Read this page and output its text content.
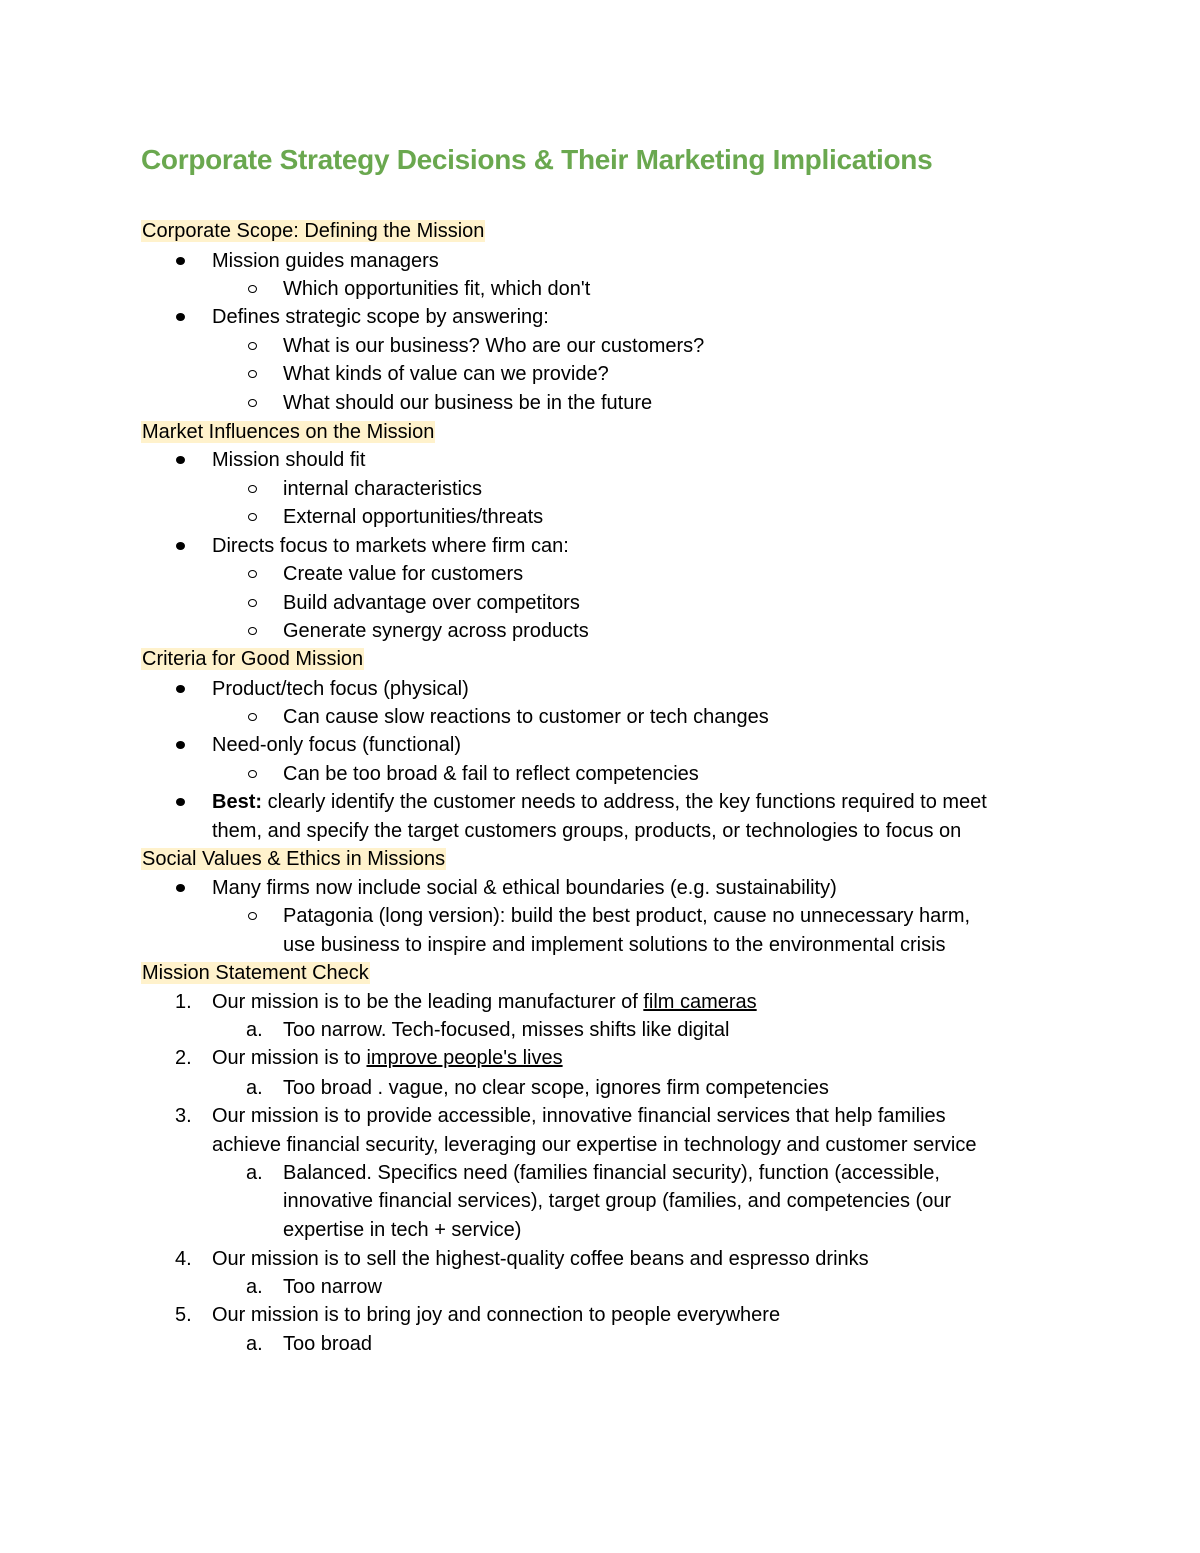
Corporate Strategy Decisions & Their Marketing Implications
Corporate Scope: Defining the Mission
Mission guides managers
Which opportunities fit, which don't
Defines strategic scope by answering:
What is our business? Who are our customers?
What kinds of value can we provide?
What should our business be in the future
Market Influences on the Mission
Mission should fit
internal characteristics
External opportunities/threats
Directs focus to markets where firm can:
Create value for customers
Build advantage over competitors
Generate synergy across products
Criteria for Good Mission
Product/tech focus (physical)
Can cause slow reactions to customer or tech changes
Need-only focus (functional)
Can be too broad & fail to reflect competencies
Best: clearly identify the customer needs to address, the key functions required to meet
them, and specify the target customers groups, products, or technologies to focus on
Social Values & Ethics in Missions
Many firms now include social & ethical boundaries (e.g. sustainability)
Patagonia (long version): build the best product, cause no unnecessary harm,
use business to inspire and implement solutions to the environmental crisis
Mission Statement Check
1.	Our mission is to be the leading manufacturer of film cameras
a.	Too narrow. Tech-focused, misses shifts like digital
2.	Our mission is to improve people's lives
a.	Too broad . vague, no clear scope, ignores firm competencies
3.	Our mission is to provide accessible, innovative financial services that help families
achieve financial security, leveraging our expertise in technology and customer service
a.	Balanced. Specifics need (families financial security), function (accessible,
innovative financial services), target group (families, and competencies (our
expertise in tech + service)
4.	Our mission is to sell the highest-quality coffee beans and espresso drinks
a.	Too narrow
5.	Our mission is to bring joy and connection to people everywhere
a.	Too broad
